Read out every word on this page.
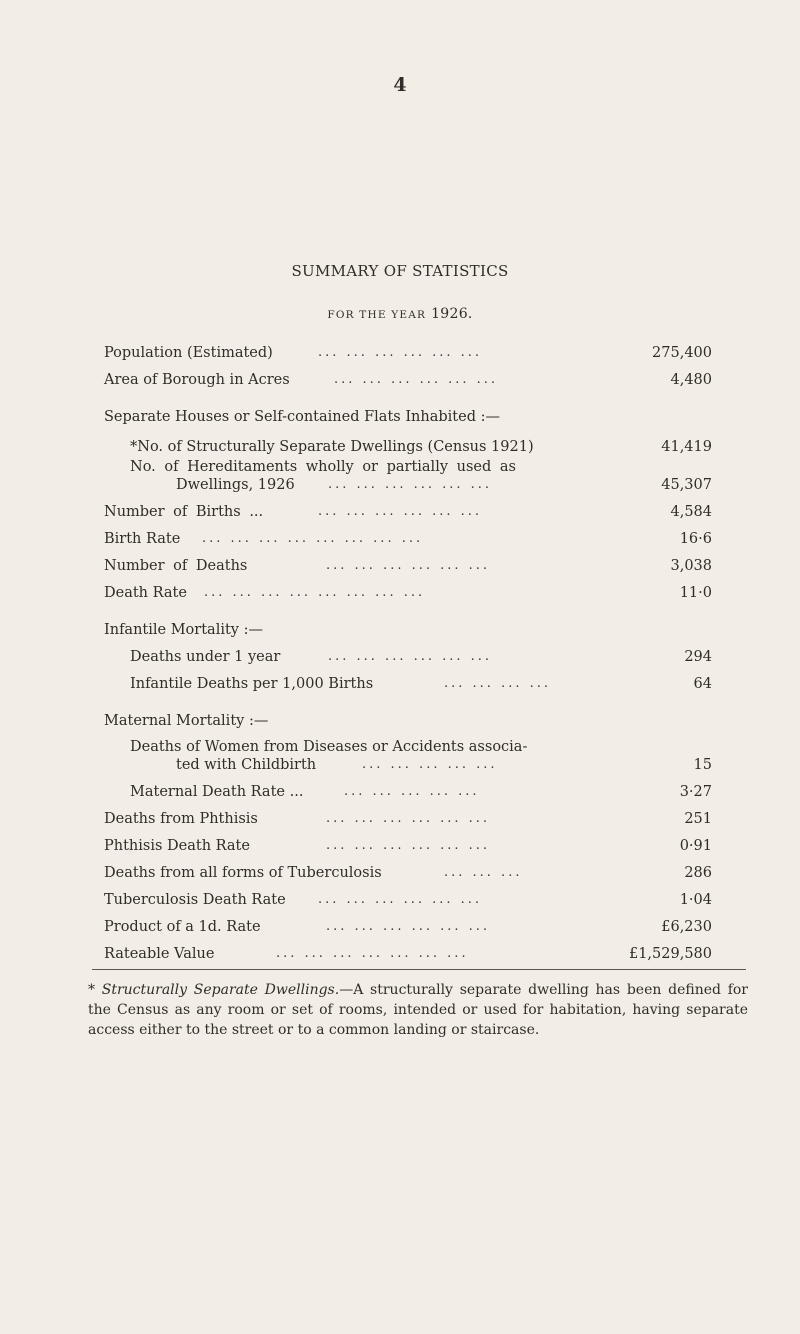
4
SUMMARY OF STATISTICS
FOR THE YEAR 1926.
Population (Estimated)	... ... ... ... ... ...	275,400
Area of Borough in Acres	... ... ... ... ... ...	4,480
Separate Houses or Self-contained Flats Inhabited :—
*No. of Structurally Separate Dwellings (Census 1921)	41,419
No. of Hereditaments wholly or partially used as
Dwellings, 1926	... ... ... ... ... ...	45,307
Number of Births ...	... ... ... ... ... ...	4,584
Birth Rate ... ... ... ... ... ... ... ...	16·6
Number of Deaths	... ... ... ... ... ...	3,038
Death Rate ... ... ... ... ... ... ... ...	11·0
Infantile Mortality :—
Deaths under 1 year	... ... ... ... ... ...	294
Infantile Deaths per 1,000 Births	... ... ... ...	64
Maternal Mortality :—
Deaths of Women from Diseases or Accidents associa-
ted with Childbirth	... ... ... ... ...	15
Maternal Death Rate ...	... ... ... ... ...	3·27
Deaths from Phthisis	... ... ... ... ... ...	251
Phthisis Death Rate	... ... ... ... ... ...	0·91
Deaths from all forms of Tuberculosis	... ... ...	286
Tuberculosis Death Rate ... ... ... ... ... ...	1·04
Product of a 1d. Rate	... ... ... ... ... ...	£6,230
Rateable Value	... ... ... ... ... ... ...	£1,529,580
* Structurally Separate Dwellings.—A structurally separate dwelling has been defined for the Census as any room or set of rooms, intended or used for habitation, having separate access either to the street or to a common landing or staircase.
